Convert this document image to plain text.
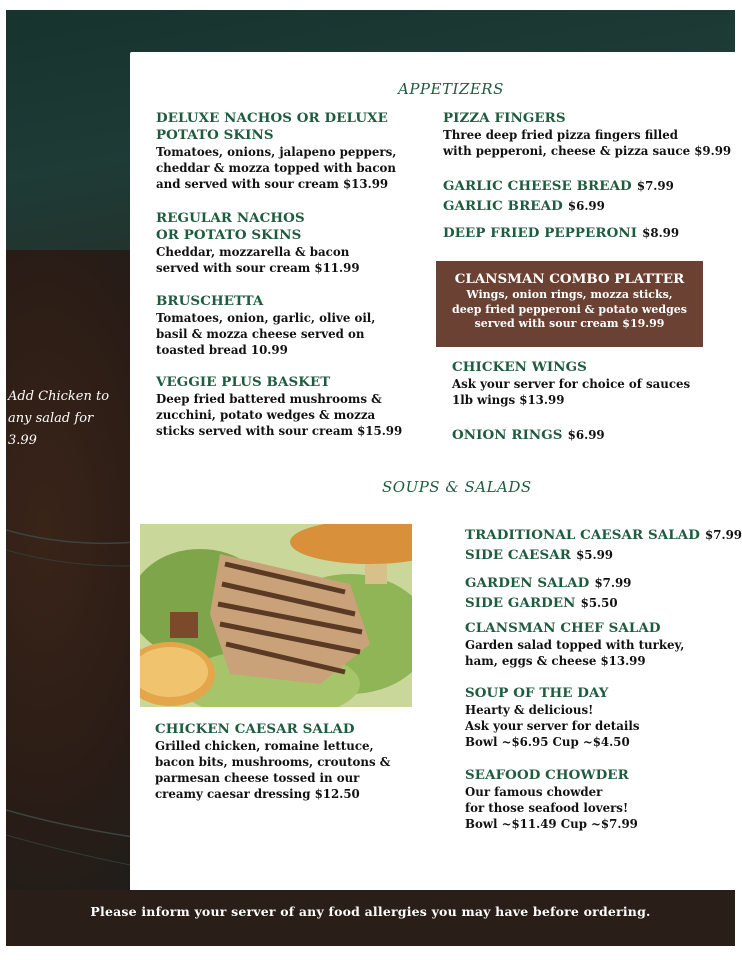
Add Chicken to
any salad for 3.99
APPETIZERS
DELUXE NACHOS OR DELUXE
POTATO SKINS
Tomatoes, onions, jalapeno peppers,
cheddar & mozza topped with bacon
and served with sour cream $13.99
REGULAR NACHOS
OR POTATO SKINS
Cheddar, mozzarella & bacon
served with sour cream $11.99
BRUSCHETTA
Tomatoes, onion, garlic, olive oil,
basil & mozza cheese served on
toasted bread 10.99
VEGGIE PLUS BASKET
Deep fried battered mushrooms &
zucchini, potato wedges & mozza
sticks served with sour cream $15.99
PIZZA FINGERS
Three deep fried pizza fingers filled
with pepperoni, cheese & pizza sauce $9.99
GARLIC CHEESE BREAD $7.99
GARLIC BREAD $6.99
DEEP FRIED PEPPERONI $8.99
CLANSMAN COMBO PLATTER
Wings, onion rings, mozza sticks,
deep fried pepperoni & potato wedges
served with sour cream $19.99
CHICKEN WINGS
Ask your server for choice of sauces
1lb wings $13.99
ONION RINGS $6.99
SOUPS & SALADS
CHICKEN CAESAR SALAD
Grilled chicken, romaine lettuce,
bacon bits, mushrooms, croutons &
parmesan cheese tossed in our
creamy caesar dressing $12.50
TRADITIONAL CAESAR SALAD $7.99
SIDE CAESAR $5.99
GARDEN SALAD $7.99
SIDE GARDEN $5.50
CLANSMAN CHEF SALAD
Garden salad topped with turkey,
ham, eggs & cheese $13.99
SOUP OF THE DAY
Hearty & delicious!
Ask your server for details
Bowl ~$6.95 Cup ~$4.50
SEAFOOD CHOWDER
Our famous chowder
for those seafood lovers!
Bowl ~$11.49 Cup ~$7.99
Please inform your server of any food allergies you may have before ordering.
